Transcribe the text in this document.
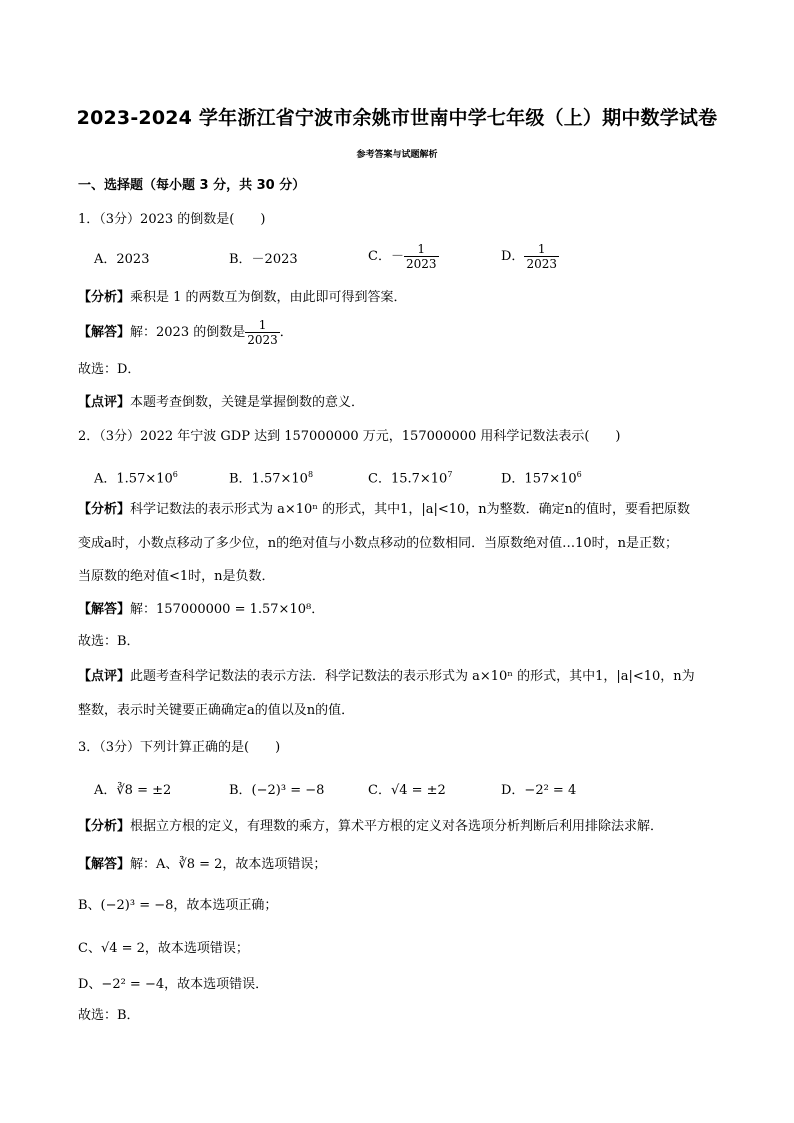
2023-2024 学年浙江省宁波市余姚市世南中学七年级（上）期中数学试卷
参考答案与试题解析
一、选择题（每小题 3 分，共 30 分）
1．（3分）2023 的倒数是(　　)
A．2023	B．－2023	C．－ $\frac{1}{2023}$	D． $\frac{1}{2023}$
【分析】乘积是 1 的两数互为倒数，由此即可得到答案．
【解答】解：2023 的倒数是 $\frac{1}{2023}$ ．
故选：D．
【点评】本题考查倒数，关键是掌握倒数的意义．
2．（3分）2022 年宁波 GDP 达到 157000000 万元，157000000 用科学记数法表示(　　)
A．$1.57\times 10^6$	B．$1.57\times 10^8$	C．$15.7\times 10^7$	D．$157\times 10^6$
【分析】科学记数法的表示形式为 a×10ⁿ 的形式，其中1，|a|<10，n为整数．确定n的值时，要看把原数
变成a时，小数点移动了多少位，n的绝对值与小数点移动的位数相同．当原数绝对值…10时，n是正数；
当原数的绝对值<1时，n是负数．
【解答】解：157000000 = 1.57×10⁸．
故选：B．
【点评】此题考查科学记数法的表示方法．科学记数法的表示形式为 a×10ⁿ 的形式，其中1，|a|<10，n为
整数，表示时关键要正确确定a的值以及n的值．
3．（3分）下列计算正确的是(　　)
A．∛8 = ±2	B．(−2)³ = −8	C．√4 = ±2	D．−2² = 4
【分析】根据立方根的定义，有理数的乘方，算术平方根的定义对各选项分析判断后利用排除法求解．
【解答】解：A、∛8 = 2，故本选项错误；
B、(−2)³ = −8，故本选项正确；
C、√4 = 2，故本选项错误；
D、−2² = −4，故本选项错误．
故选：B．
